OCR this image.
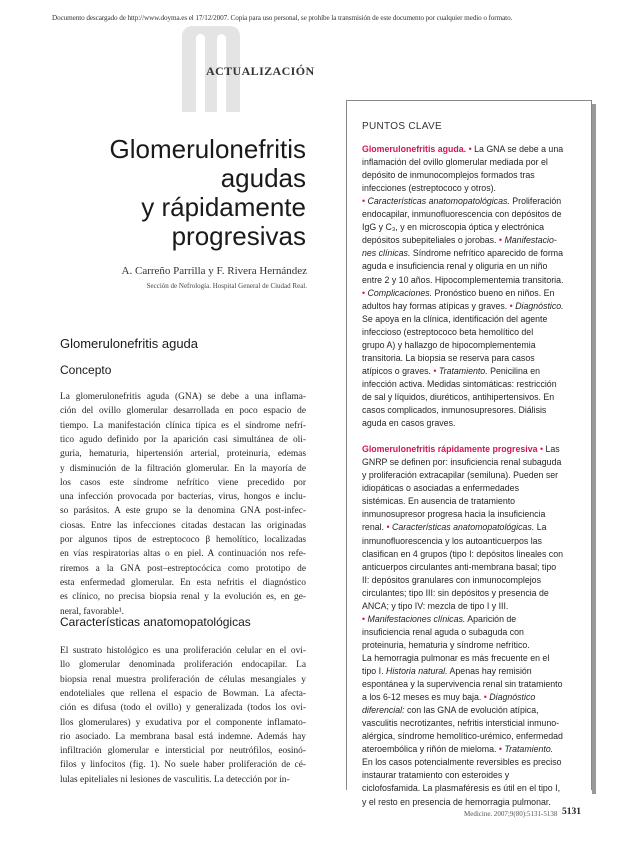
Documento descargado de http://www.doyma.es el 17/12/2007. Copia para uso personal, se prohíbe la transmisión de este documento por cualquier medio o formato.
ACTUALIZACIÓN
Glomerulonefritis
agudas
y rápidamente
progresivas
A. Carreño Parrilla y F. Rivera Hernández
Sección de Nefrología. Hospital General de Ciudad Real.
Glomerulonefritis aguda
Concepto
La glomerulonefritis aguda (GNA) se debe a una inflama-
ción del ovillo glomerular desarrollada en poco espacio de
tiempo. La manifestación clínica típica es el síndrome nefrí-
tico agudo definido por la aparición casi simultánea de oli-
guria, hematuria, hipertensión arterial, proteinuria, edemas
y disminución de la filtración glomerular. En la mayoría de
los casos este síndrome nefrítico viene precedido por
una infección provocada por bacterias, virus, hongos e inclu-
so parásitos. A este grupo se la denomina GNA post-infec-
ciosas. Entre las infecciones citadas destacan las originadas
por algunos tipos de estreptococo β hemolítico, localizadas
en vías respiratorias altas o en piel. A continuación nos refe-
riremos a la GNA post–estreptocócica como prototipo de
esta enfermedad glomerular. En esta nefritis el diagnóstico
es clínico, no precisa biopsia renal y la evolución es, en ge-
neral, favorable¹.
Características anatomopatológicas
El sustrato histológico es una proliferación celular en el ovi-
llo glomerular denominada proliferación endocapilar. La
biopsia renal muestra proliferación de células mesangiales y
endoteliales que rellena el espacio de Bowman. La afecta-
ción es difusa (todo el ovillo) y generalizada (todos los ovi-
llos glomerulares) y exudativa por el componente inflamato-
rio asociado. La membrana basal está indemne. Además hay
infiltración glomerular e intersticial por neutrófilos, eosinó-
filos y linfocitos (fig. 1). No suele haber proliferación de cé-
lulas epiteliales ni lesiones de vasculitis. La detección por in-
PUNTOS CLAVE
Glomerulonefritis aguda. • La GNA se debe a una
inflamación del ovillo glomerular mediada por el
depósito de inmunocomplejos formados tras
infecciones (estreptococo y otros).
• Características anatomopatológicas. Proliferación
endocapilar, inmunofluorescencia con depósitos de
IgG y C₃, y en microscopia óptica y electrónica
depósitos subepiteliales o jorobas. • Manifestacio-
nes clínicas. Síndrome nefrítico aparecido de forma
aguda e insuficiencia renal y oliguria en un niño
entre 2 y 10 años. Hipocomplementemia transitoria.
• Complicaciones. Pronóstico bueno en niños. En
adultos hay formas atípicas y graves. • Diagnóstico.
Se apoya en la clínica, identificación del agente
infeccioso (estreptococo beta hemolítico del
grupo A) y hallazgo de hipocomplementemia
transitoria. La biopsia se reserva para casos
atípicos o graves. • Tratamiento. Penicilina en
infección activa. Medidas sintomáticas: restricción
de sal y líquidos, diuréticos, antihipertensivos. En
casos complicados, inmunosupresores. Diálisis
aguda en casos graves.
Glomerulonefritis rápidamente progresiva • Las
GNRP se definen por: insuficiencia renal subaguda
y proliferación extracapilar (semiluna). Pueden ser
idiopáticas o asociadas a enfermedades
sistémicas. En ausencia de tratamiento
inmunosupresor progresa hacia la insuficiencia
renal. • Características anatomopatológicas. La
inmunofluorescencia y los autoanticuerpos las
clasifican en 4 grupos (tipo I: depósitos lineales con
anticuerpos circulantes anti-membrana basal; tipo
II: depósitos granulares con inmunocomplejos
circulantes; tipo III: sin depósitos y presencia de
ANCA; y tipo IV: mezcla de tipo I y III.
• Manifestaciones clínicas. Aparición de
insuficiencia renal aguda o subaguda con
proteinuria, hematuria y síndrome nefrítico.
La hemorragia pulmonar es más frecuente en el
tipo I. Historia natural. Apenas hay remisión
espontánea y la supervivencia renal sin tratamiento
a los 6-12 meses es muy baja. • Diagnóstico
diferencial: con las GNA de evolución atípica,
vasculitis necrotizantes, nefritis intersticial inmuno-
alérgica, síndrome hemolítico-urémico, enfermedad
ateroembólica y riñón de mieloma. • Tratamiento.
En los casos potencialmente reversibles es preciso
instaurar tratamiento con esteroides y
ciclofosfamida. La plasmaféresis es útil en el tipo I,
y el resto en presencia de hemorragia pulmonar.
Medicine. 2007;9(80):5131-5138 5131
